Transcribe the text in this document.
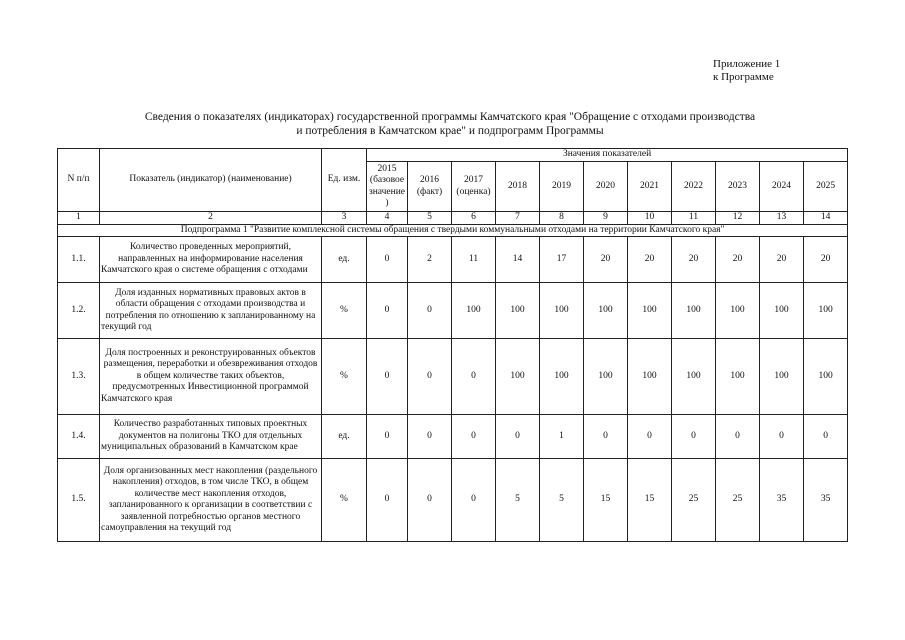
Приложение 1
к Программе
Сведения о показателях (индикаторах) государственной программы Камчатского края "Обращение с отходами производства
и потребления в Камчатском крае" и подпрограмм Программы
N п/п	Показатель (индикатор) (наименование)	Ед. изм.	Значения показателей										
			2015 (базовое значение )	2016 (факт)	2017 (оценка)	2018	2019	2020	2021	2022	2023	2024	2025
1	2	3	4	5	6	7	8	9	10	11	12	13	14
Подпрограмма 1 "Развитие комплексной системы обращения с твердыми коммунальными отходами на территории Камчатского края"													
1.1.	Количество проведенных мероприятий, направленных на информирование населения Камчатского края о системе обращения с отходами	ед.	0	2	11	14	17	20	20	20	20	20	20
1.2.	Доля изданных нормативных правовых актов в области обращения с отходами производства и потребления по отношению к запланированному на текущий год	%	0	0	100	100	100	100	100	100	100	100	100
1.3.	Доля построенных и реконструированных объектов размещения, переработки и обезвреживания отходов в общем количестве таких объектов, предусмотренных Инвестиционной программой Камчатского края	%	0	0	0	100	100	100	100	100	100	100	100
1.4.	Количество разработанных типовых проектных документов на полигоны ТКО для отдельных муниципальных образований в Камчатском крае	ед.	0	0	0	0	1	0	0	0	0	0	0
1.5.	Доля организованных мест накопления (раздельного накопления) отходов, в том числе ТКО, в общем количестве мест накопления отходов, запланированного к организации в соответствии с заявленной потребностью органов местного самоуправления на текущий год	%	0	0	0	5	5	15	15	25	25	35	35
